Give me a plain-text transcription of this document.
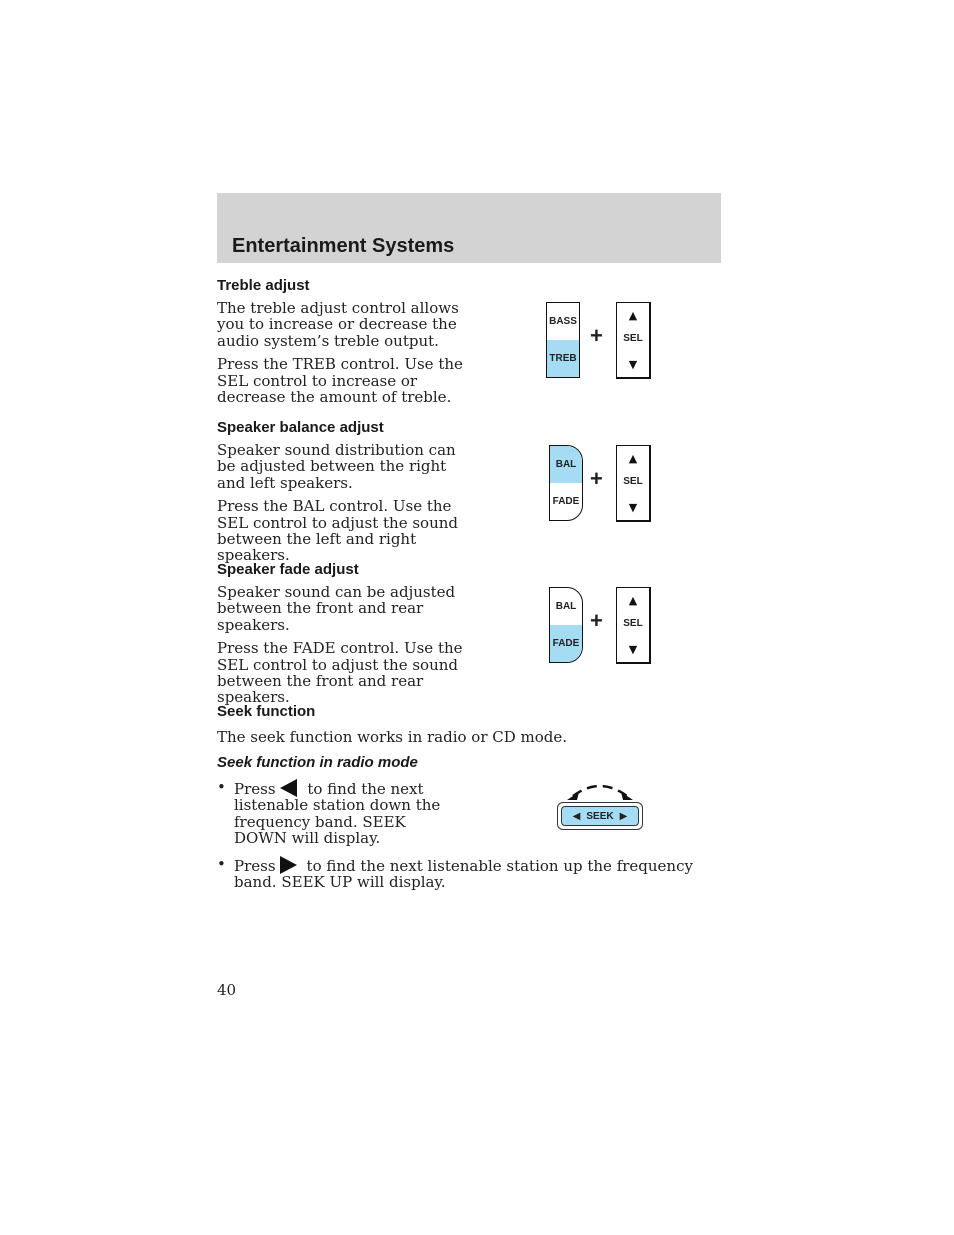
Entertainment Systems
Treble adjust

The treble adjust control allows you to increase or decrease the audio system’s treble output.

Press the TREB control. Use the SEL control to increase or decrease the amount of treble.

BASS
TREB
+
▲
SEL
▼
Speaker balance adjust

Speaker sound distribution can be adjusted between the right and left speakers.

Press the BAL control. Use the SEL control to adjust the sound between the left and right speakers.

BAL
FADE
+
▲
SEL
▼
Speaker fade adjust

Speaker sound can be adjusted between the front and rear speakers.

Press the FADE control. Use the SEL control to adjust the sound between the front and rear speakers.

BAL
FADE
+
▲
SEL
▼
Seek function

The seek function works in radio or CD mode.

Seek function in radio mode
• Press to find the next listenable station down the frequency band. SEEK DOWN will display.
◀ SEEK ▶
• Press to find the next listenable station up the frequency band. SEEK UP will display.
40
